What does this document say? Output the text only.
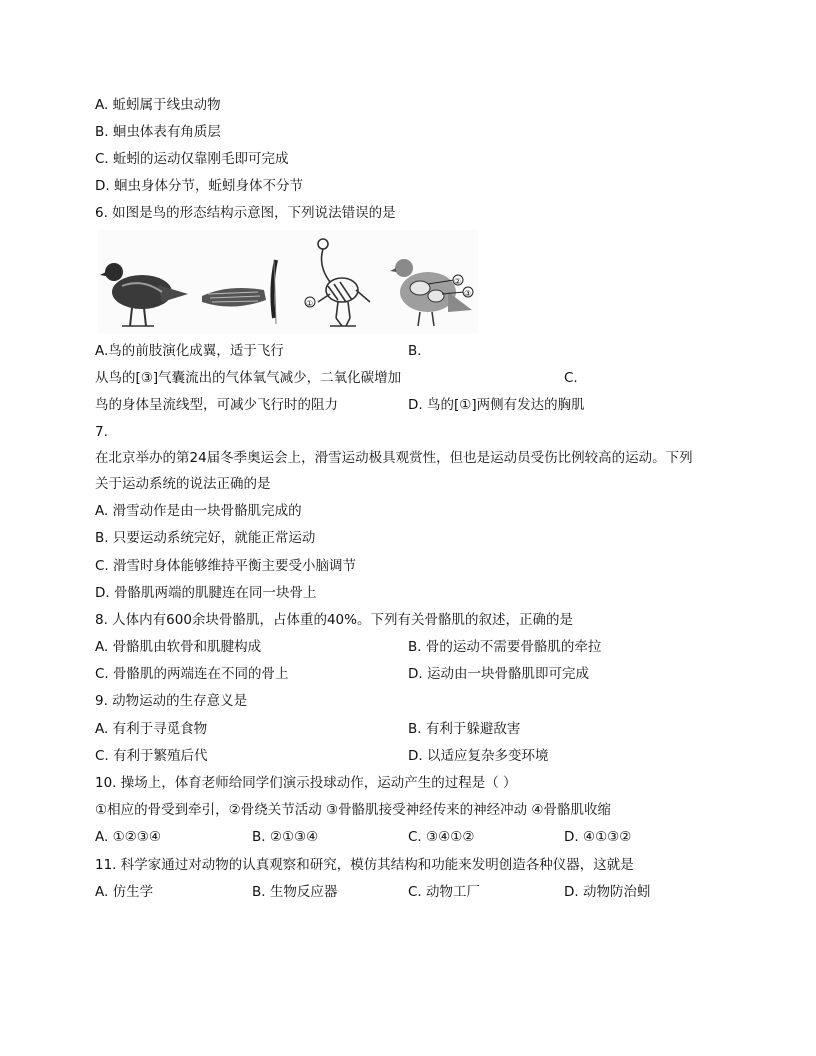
A. 蚯蚓属于线虫动物
B. 蛔虫体表有角质层
C. 蚯蚓的运动仅靠刚毛即可完成
D. 蛔虫身体分节，蚯蚓身体不分节
6. 如图是鸟的形态结构示意图，下列说法错误的是
①
②
③
A.鸟的前肢演化成翼，适于飞行	B.
从鸟的[③]气囊流出的气体氧气减少，二氧化碳增加	C.
鸟的身体呈流线型，可减少飞行时的阻力	D. 鸟的[①]两侧有发达的胸肌
7.
在北京举办的第24届冬季奥运会上，滑雪运动极具观赏性，但也是运动员受伤比例较高的运动。下列
关于运动系统的说法正确的是
A. 滑雪动作是由一块骨骼肌完成的
B. 只要运动系统完好，就能正常运动
C. 滑雪时身体能够维持平衡主要受小脑调节
D. 骨骼肌两端的肌腱连在同一块骨上
8. 人体内有600余块骨骼肌，占体重的40%。下列有关骨骼肌的叙述，正确的是
A. 骨骼肌由软骨和肌腱构成	B. 骨的运动不需要骨骼肌的牵拉
C. 骨骼肌的两端连在不同的骨上	D. 运动由一块骨骼肌即可完成
9. 动物运动的生存意义是
A. 有利于寻觅食物	B. 有利于躲避敌害
C. 有利于繁殖后代	D. 以适应复杂多变环境
10. 操场上，体育老师给同学们演示投球动作，运动产生的过程是（ ）
①相应的骨受到牵引，②骨绕关节活动 ③骨骼肌接受神经传来的神经冲动 ④骨骼肌收缩
A. ①②③④	B. ②①③④	C. ③④①②	D. ④①③②
11. 科学家通过对动物的认真观察和研究，模仿其结构和功能来发明创造各种仪器，这就是
A. 仿生学	B. 生物反应器	C. 动物工厂	D. 动物防治蚓
